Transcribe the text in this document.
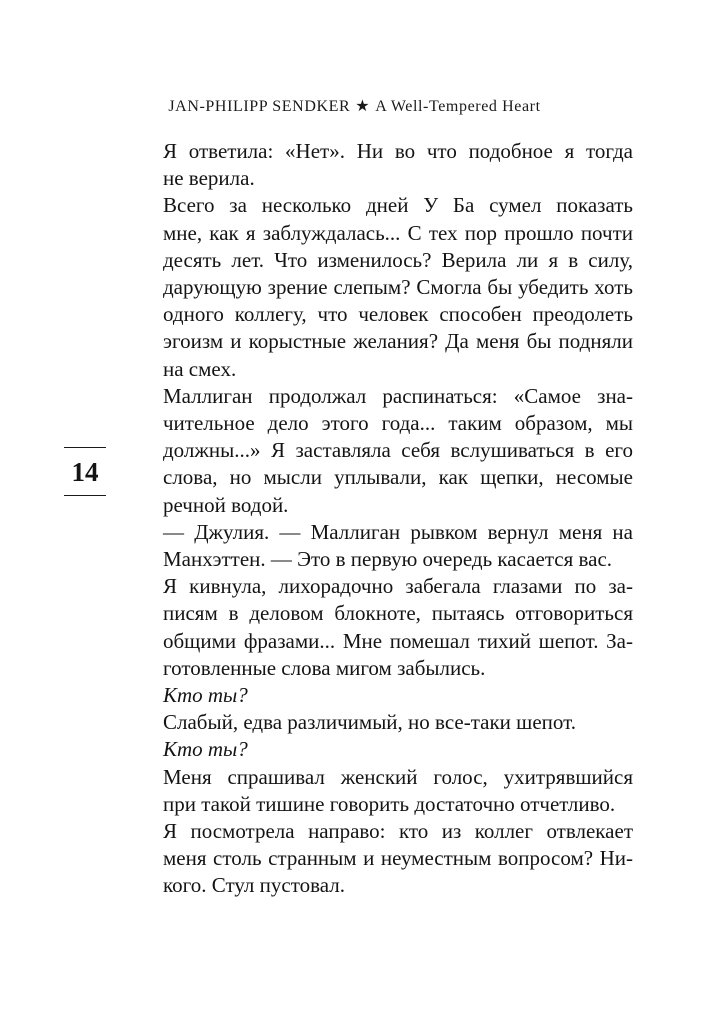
JAN-PHILIPP SENDKER ★ A Well-Tempered Heart
14

Я ответила: «Нет». Ни во что подобное я тогда
не верила.

Всего за несколько дней У Ба сумел показать
мне, как я заблуждалась... С тех пор прошло почти
десять лет. Что изменилось? Верила ли я в силу,
дарующую зрение слепым? Смогла бы убедить хоть
одного коллегу, что человек способен преодолеть
эгоизм и корыстные желания? Да меня бы подняли
на смех.

Маллиган продолжал распинаться: «Самое зна-
чительное дело этого года... таким образом, мы
должны...» Я заставляла себя вслушиваться в его
слова, но мысли уплывали, как щепки, несомые
речной водой.

— Джулия. — Маллиган рывком вернул меня на
Манхэттен. — Это в первую очередь касается вас.

Я кивнула, лихорадочно забегала глазами по за-
писям в деловом блокноте, пытаясь отговориться
общими фразами... Мне помешал тихий шепот. За-
готовленные слова мигом забылись.

Кто ты?

Слабый, едва различимый, но все-таки шепот.

Кто ты?

Меня спрашивал женский голос, ухитрявшийся
при такой тишине говорить достаточно отчетливо.

Я посмотрела направо: кто из коллег отвлекает
меня столь странным и неуместным вопросом? Ни-
кого. Стул пустовал.
